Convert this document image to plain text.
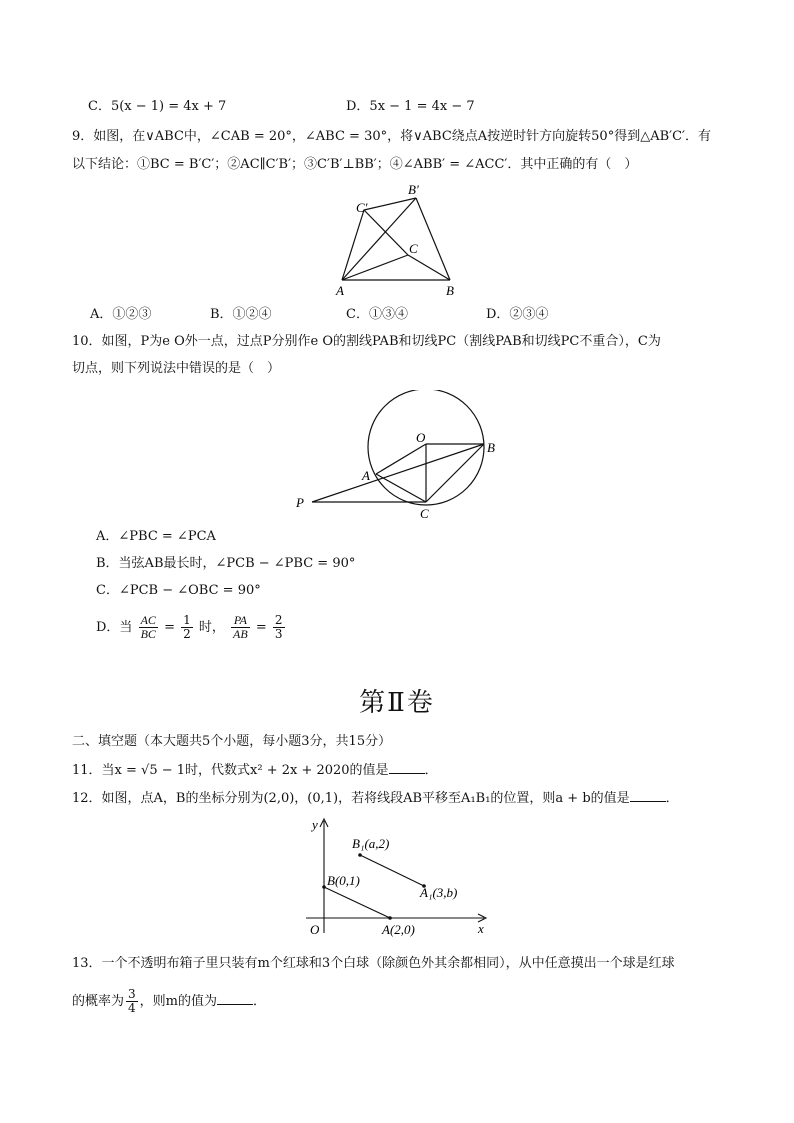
C．5(x − 1) = 4x + 7	D．5x − 1 = 4x − 7
9．如图，在∨ABC中，∠CAB = 20°，∠ABC = 30°，将∨ABC绕点A按逆时针方向旋转50°得到△AB′C′．有
以下结论：①BC = B′C′；②AC∥C′B′；③C′B′⊥BB′；④∠ABB′ = ∠ACC′．其中正确的有（　）
A	B
C
B′
C′
A．①②③	B．①②④	C．①③④	D．②③④
10．如图，P为e O外一点，过点P分别作e O的割线PAB和切线PC（割线PAB和切线PC不重合），C为
切点，则下列说法中错误的是（　）
O
B
A
P
C
A．∠PBC = ∠PCA
B．当弦AB最长时，∠PCB − ∠PBC = 90°
C．∠PCB − ∠OBC = 90°
D．当 $\frac{AC}{BC} = \frac{1}{2}$ 时， $\frac{PA}{AB} = \frac{2}{3}$
第Ⅱ卷
二、填空题（本大题共5个小题，每小题3分，共15分）
11．当x = √5 − 1时，代数式x² + 2x + 2020的值是	．
12．如图，点A，B的坐标分别为(2,0)，(0,1)，若将线段AB平移至A₁B₁的位置，则a + b的值是	．
y
x
O
B(0,1)
A(2,0)
B₁(a,2)
A₁(3,b)
13．一个不透明布箱子里只装有m个红球和3个白球（除颜色外其余都相同），从中任意摸出一个球是红球
的概率为 $\frac{3}{4}$ ，则m的值为	．
